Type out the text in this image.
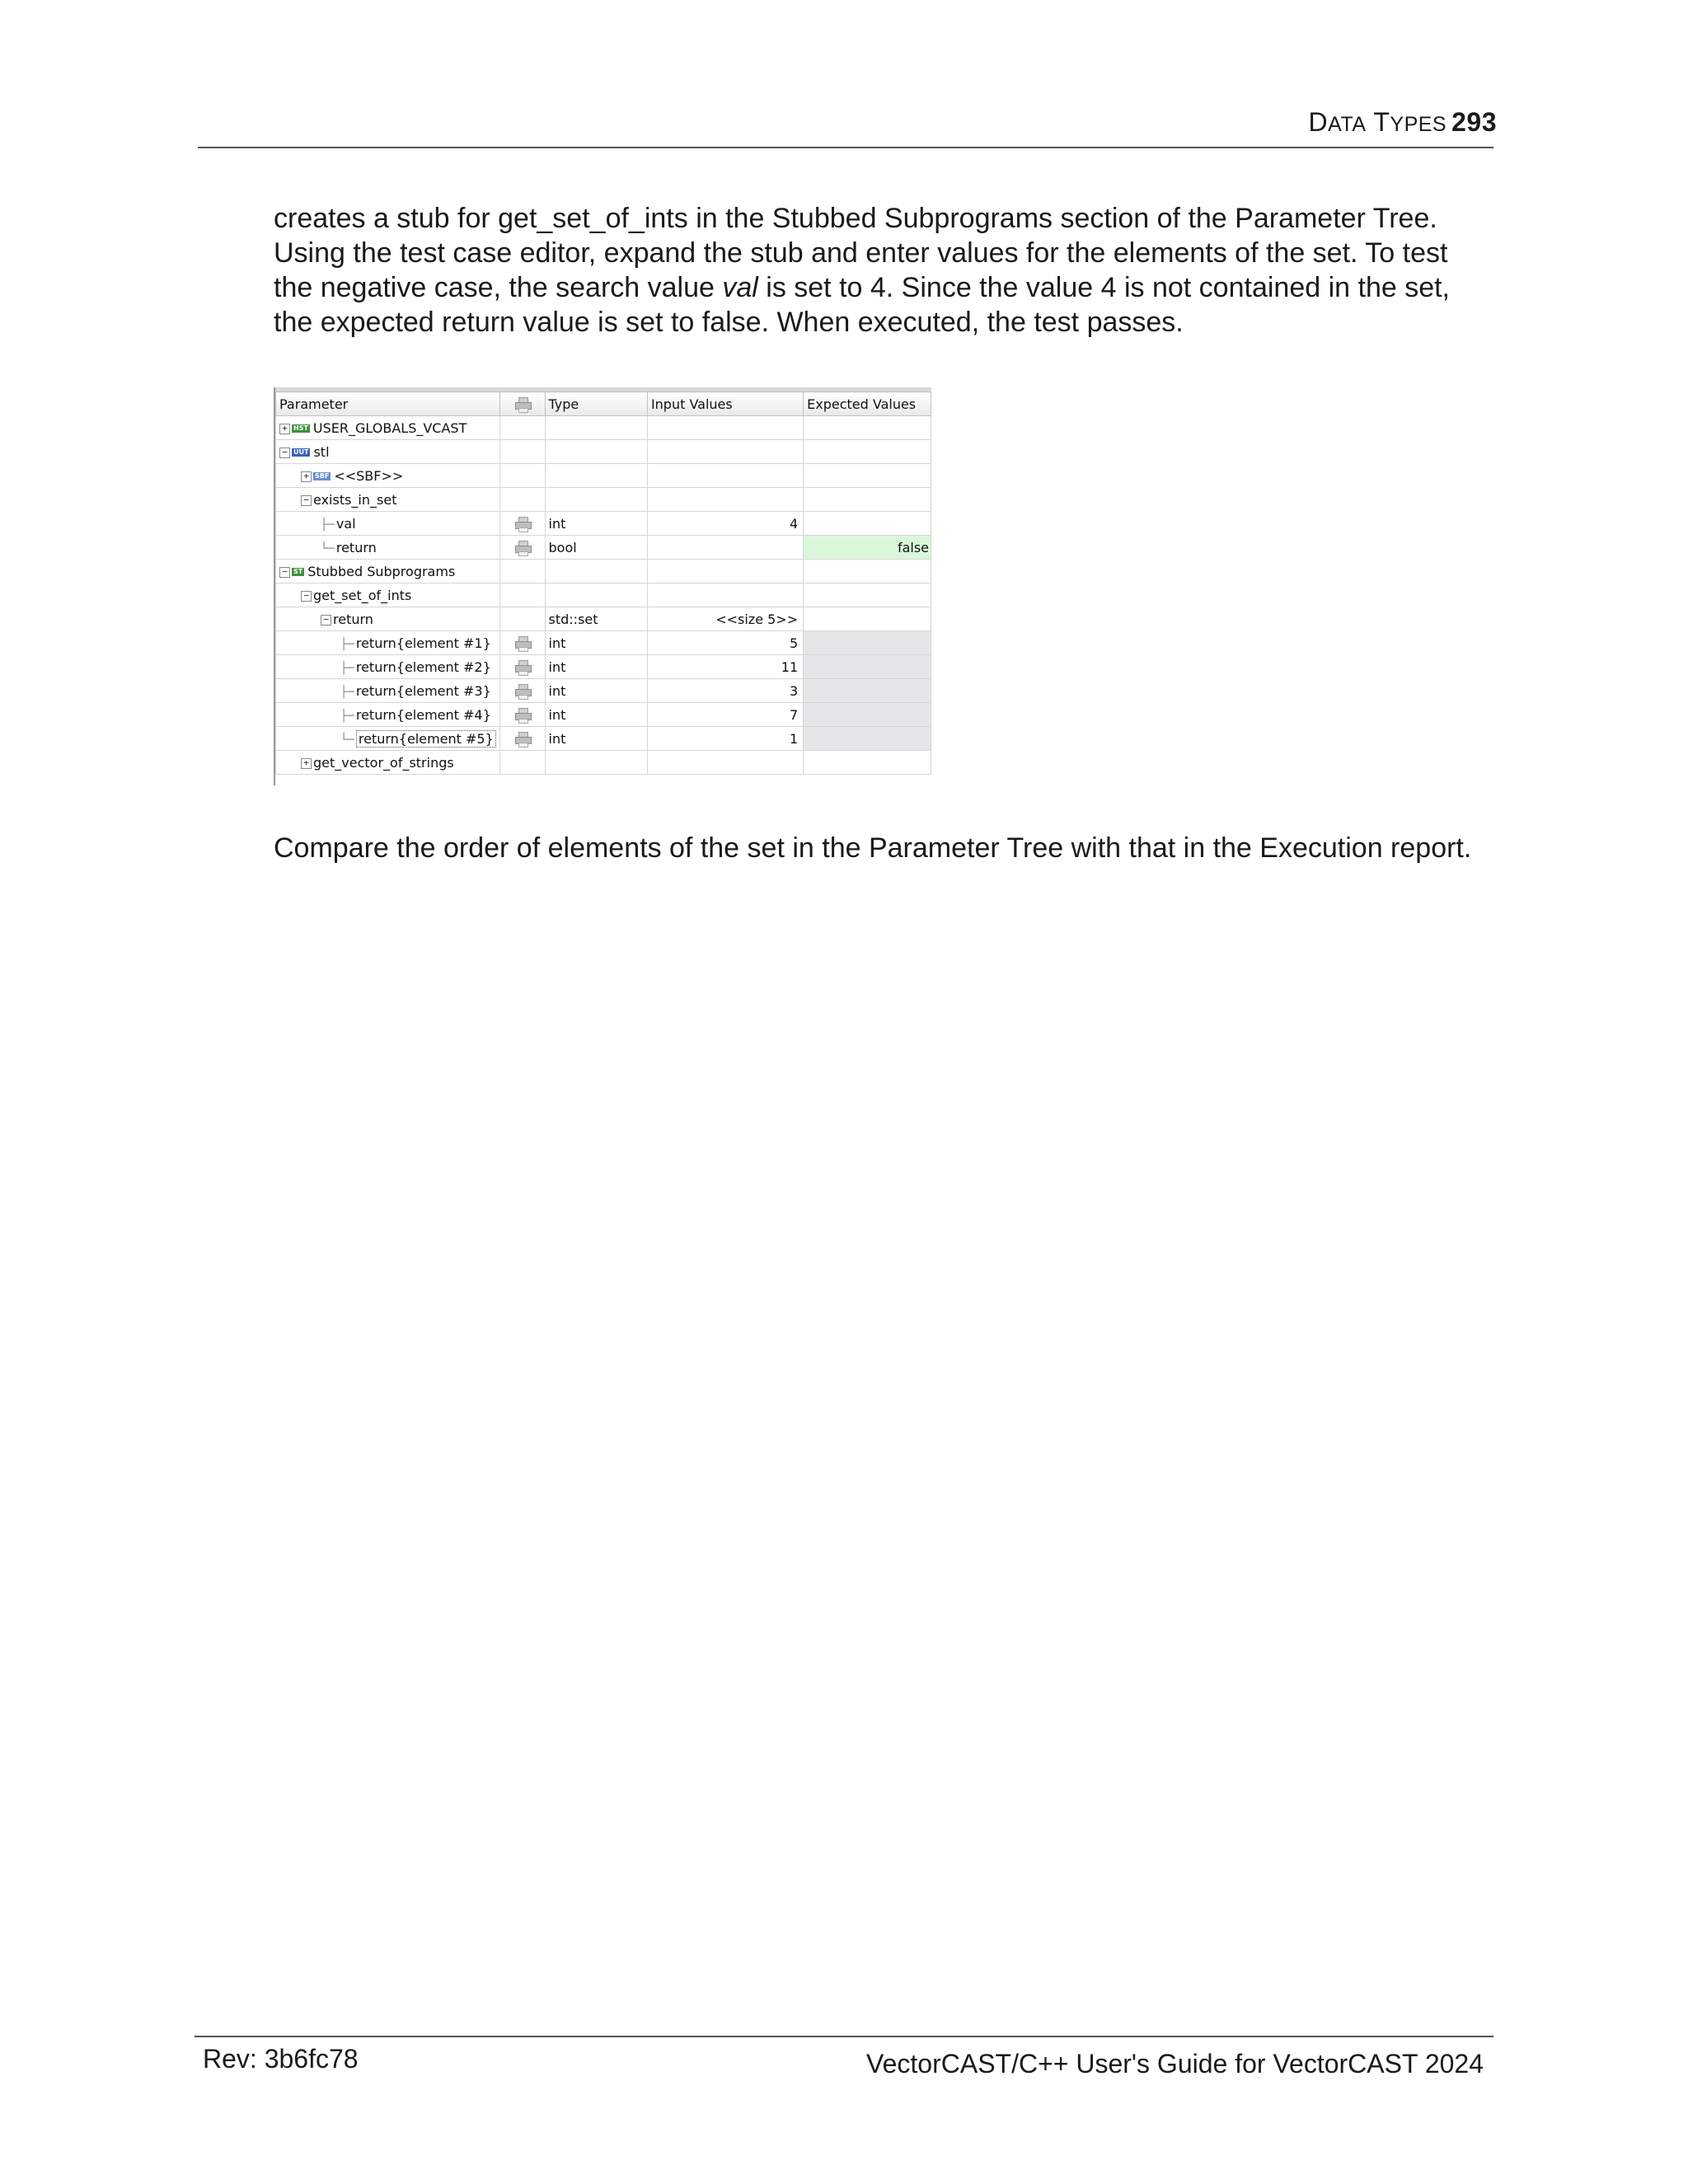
DATA TYPES 293

creates a stub for get_set_of_ints in the Stubbed Subprograms section of the Parameter Tree. Using the test case editor, expand the stub and enter values for the elements of the set. To test the negative case, the search value val is set to 4. Since the value 4 is not contained in the set, the expected return value is set to false. When executed, the test passes.

Parameter		Type	Input Values	Expected Values
+ HST USER_GLOBALS_VCAST				
− UUT stl				
+ SBF <<SBF>>				
− exists_in_set				
├─ val		int	4	
└─ return		bool		false
− ST Stubbed Subprograms				
− get_set_of_ints				
− return		std::set	<<size 5>>	
├─ return{element #1}		int	5	
├─ return{element #2}		int	11	
├─ return{element #3}		int	3	
├─ return{element #4}		int	7	
└─ return{element #5}		int	1	
+ get_vector_of_strings				
Compare the order of elements of the set in the Parameter Tree with that in the Execution report.
Rev: 3b6fc78	VectorCAST/C++ User's Guide for VectorCAST 2024
